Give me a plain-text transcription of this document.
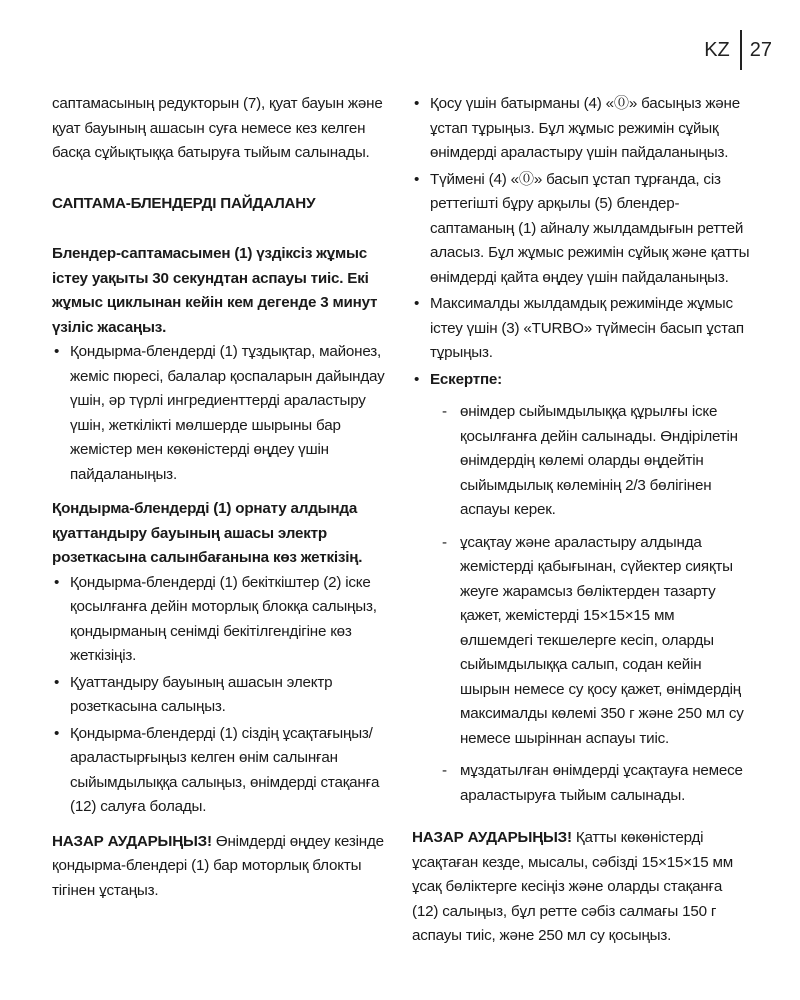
KZ 27

саптамасының редукторын (7), қуат бауын және қуат бауының ашасын суға немесе кез келген басқа сұйықтыққа батыруға тыйым салынады.

САПТАМА-БЛЕНДЕРДІ ПАЙДАЛАНУ

Блендер-саптамасымен (1) үздіксіз жұмыс істеу уақыты 30 секундтан аспауы тиіс. Екі жұмыс циклынан кейін кем дегенде 3 минут үзіліс жасаңыз.

• Қондырма-блендерді (1) тұздықтар, майонез, жеміс пюресі, балалар қоспаларын дайындау үшін, әр түрлі ингредиенттерді араластыру үшін, жеткілікті мөлшерде шырыны бар жемістер мен көкөністерді өңдеу үшін пайдаланыңыз.

Қондырма-блендерді (1) орнату алдында қуаттандыру бауының ашасы электр розеткасына салынбағанына көз жеткізің.

• Қондырма-блендерді (1) бекіткіштер (2) іске қосылғанға дейін моторлық блокқа салыңыз, қондырманың сенімді бекітілгендігіне көз жеткізіңіз.
• Қуаттандыру бауының ашасын электр розеткасына салыңыз.
• Қондырма-блендерді (1) сіздің ұсақтағыңыз/араластырғыңыз келген өнім салынған сыйымдылыққа салыңыз, өнімдерді стақанға (12) салуға болады.

НАЗАР АУДАРЫҢЫЗ! Өнімдерді өңдеу кезінде қондырма-блендері (1) бар моторлық блокты тігінен ұстаңыз.

• Қосу үшін батырманы (4) «⓪» басыңыз және ұстап тұрыңыз. Бұл жұмыс режимін сұйық өнімдерді араластыру үшін пайдаланыңыз.
• Түймені (4) «⓪» басып ұстап тұрғанда, сіз реттегішті бұру арқылы (5) блендер-саптаманың (1) айналу жылдамдығын реттей аласыз. Бұл жұмыс режимін сұйық және қатты өнімдерді қайта өңдеу үшін пайдаланыңыз.
• Максималды жылдамдық режимінде жұмыс істеу үшін (3) «TURBO» түймесін басып ұстап тұрыңыз.
• Ескертпе:
- өнімдер сыйымдылыққа құрылғы іске қосылғанға дейін салынады. Өндірілетін өнімдердің көлемі оларды өңдейтін сыйымдылық көлемінің 2/3 бөлігінен аспауы керек.
- ұсақтау және араластыру алдында жемістерді қабығынан, сүйектер сияқты жеуге жарамсыз бөліктерден тазарту қажет, жемістерді 15×15×15 мм өлшемдегі текшелерге кесіп, оларды сыйымдылыққа салып, содан кейін шырын немесе су қосу қажет, өнімдердің максималды көлемі 350 г және 250 мл су немесе шыріннан аспауы тиіс.
- мұздатылған өнімдерді ұсақтауға немесе араластыруға тыйым салынады.

НАЗАР АУДАРЫҢЫЗ! Қатты көкөністерді ұсақтаған кезде, мысалы, сәбізді 15×15×15 мм ұсақ бөліктерге кесіңіз және оларды стақанға (12) салыңыз, бұл ретте сәбіз салмағы 150 г аспауы тиіс, және 250 мл су қосыңыз.
